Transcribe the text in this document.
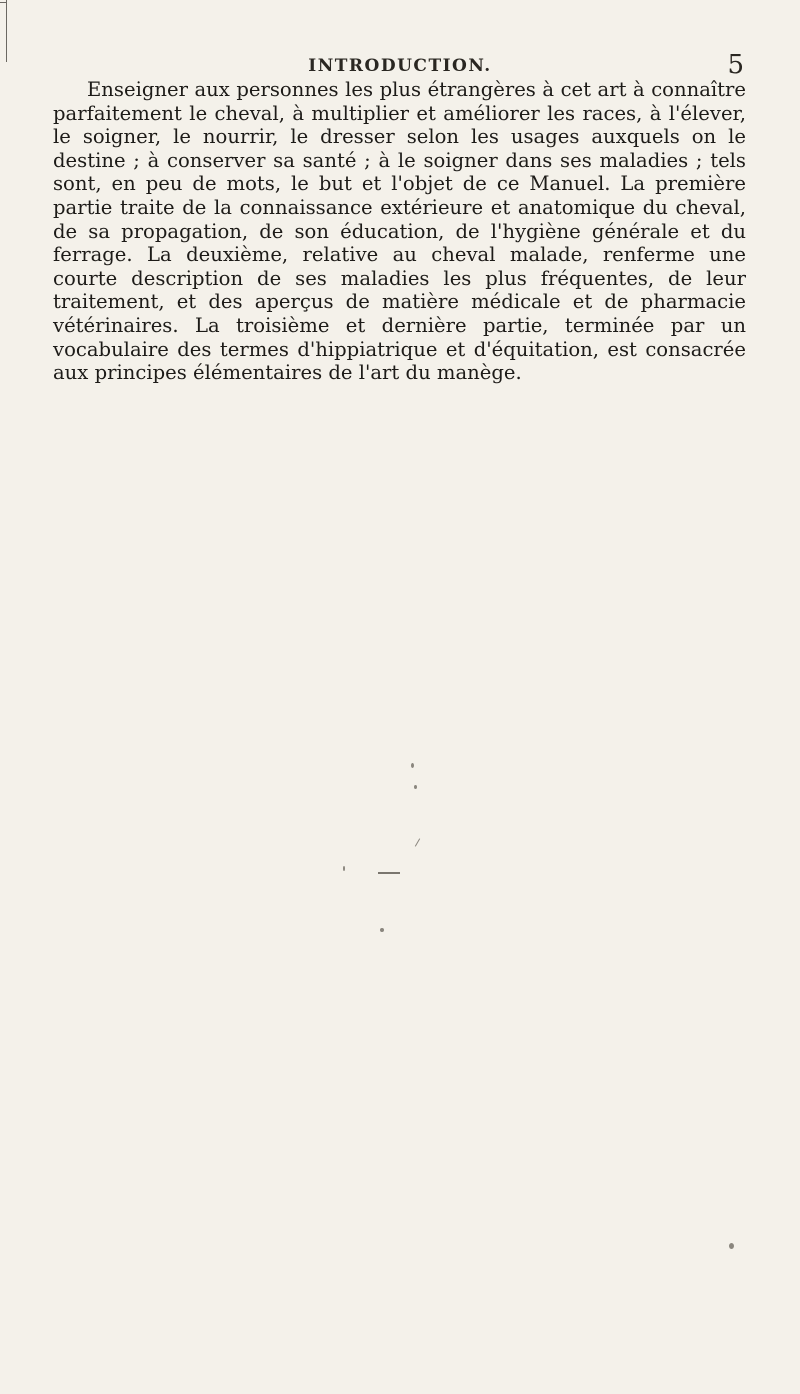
INTRODUCTION.	5

Enseigner aux personnes les plus étrangères à cet art à connaître parfaitement le cheval, à multiplier et améliorer les races, à l'élever, le soigner, le nourrir, le dresser selon les usages auxquels on le destine ; à conserver sa santé ; à le soigner dans ses maladies ; tels sont, en peu de mots, le but et l'objet de ce Manuel. La première partie traite de la connaissance extérieure et anatomique du cheval, de sa propagation, de son éducation, de l'hygiène générale et du ferrage. La deuxième, relative au cheval malade, renferme une courte description de ses maladies les plus fréquentes, de leur traitement, et des aperçus de matière médicale et de pharmacie vétérinaires. La troisième et dernière partie, terminée par un vocabulaire des termes d'hippiatrique et d'équitation, est consacrée aux principes élémentaires de l'art du manège.
